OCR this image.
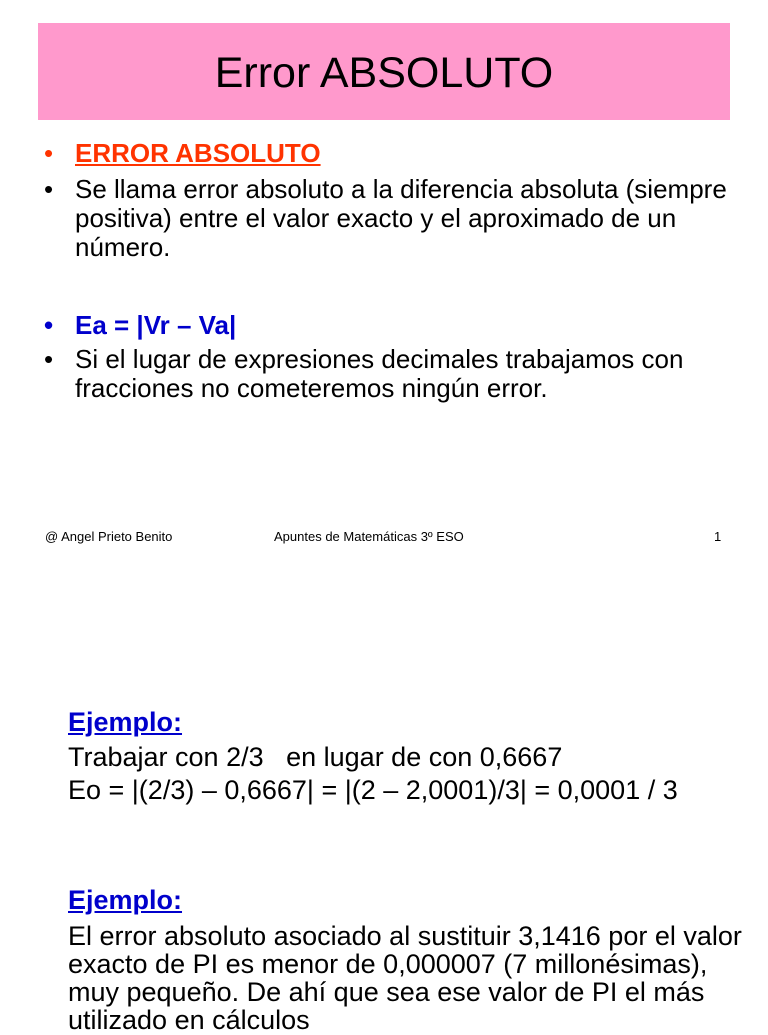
Error ABSOLUTO
• ERROR ABSOLUTO
• Se llama error absoluto a la diferencia absoluta (siempre positiva) entre el valor exacto y el aproximado de un número.
• Ea = |Vr – Va|
• Si el lugar de expresiones decimales trabajamos con fracciones no cometeremos ningún error.
@ Angel Prieto Benito	Apuntes de Matemáticas 3º ESO	1
Ejemplo:
Trabajar con 2/3   en lugar de con 0,6667
Eo = |(2/3) – 0,6667| = |(2 – 2,0001)/3| = 0,0001 / 3
Ejemplo:
El error absoluto asociado al sustituir 3,1416 por el valor exacto de PI es menor de 0,000007 (7 millonésimas), muy pequeño. De ahí que sea ese valor de PI el más utilizado en cálculos
